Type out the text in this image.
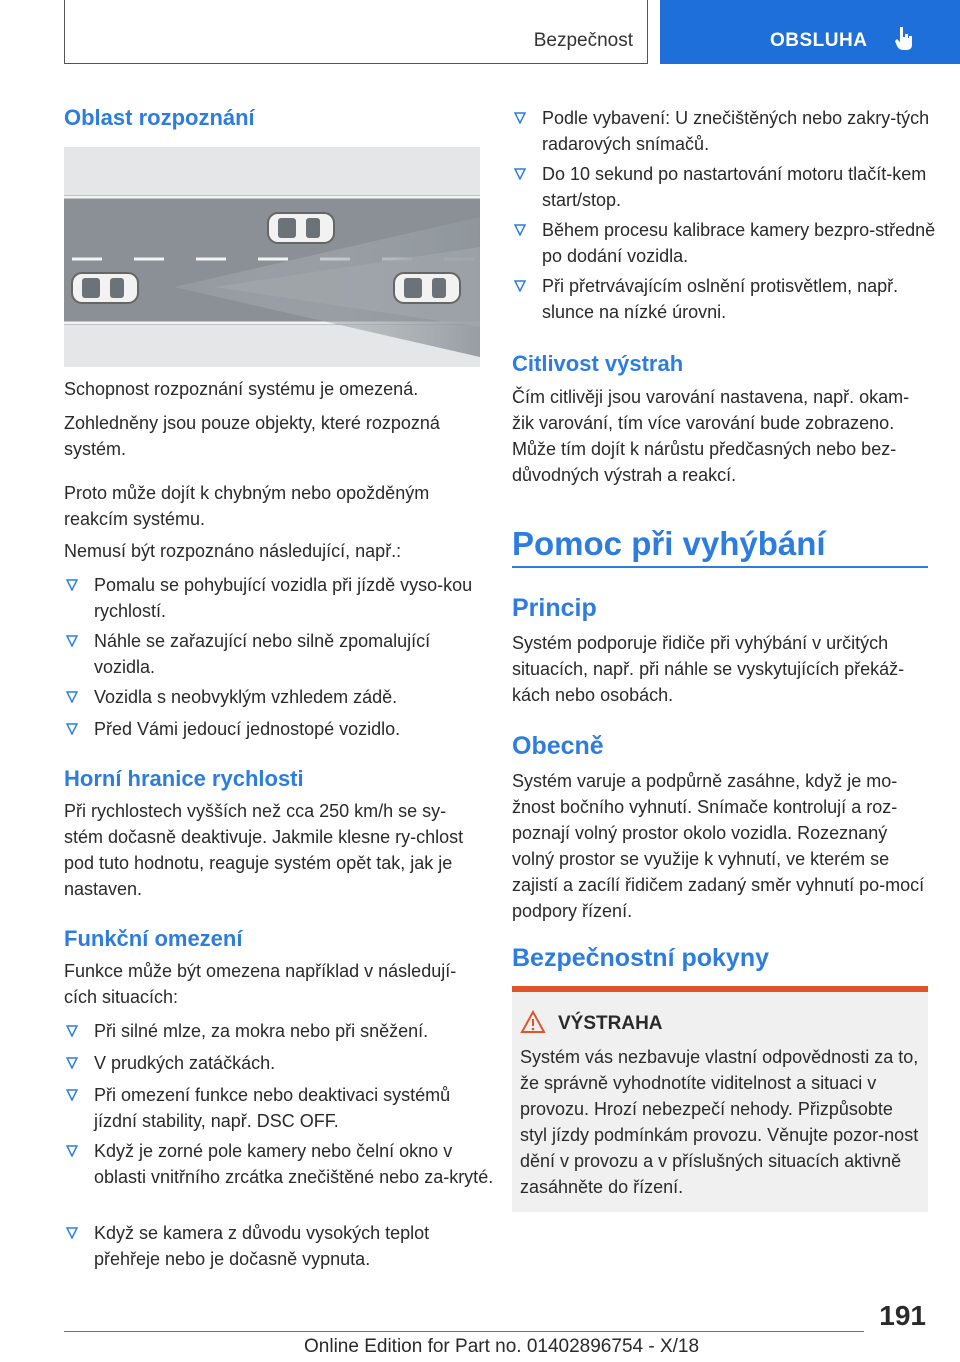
Bezpečnost	OBSLUHA
Oblast rozpoznání

Schopnost rozpoznání systému je omezená.

Zohledněny jsou pouze objekty, které rozpozná systém.

Proto může dojít k chybným nebo opožděným reakcím systému.

Nemusí být rozpoznáno následující, např.:

Pomalu se pohybující vozidla při jízdě vyso-kou rychlostí.
Náhle se zařazující nebo silně zpomalující vozidla.
Vozidla s neobvyklým vzhledem zádě.
Před Vámi jedoucí jednostopé vozidlo.
Horní hranice rychlosti

Při rychlostech vyšších než cca 250 km/h se sy-stém dočasně deaktivuje. Jakmile klesne ry-chlost pod tuto hodnotu, reaguje systém opět tak, jak je nastaven.

Funkční omezení

Funkce může být omezena například v následují-cích situacích:

Při silné mlze, za mokra nebo při sněžení.
V prudkých zatáčkách.
Při omezení funkce nebo deaktivaci systémů jízdní stability, např. DSC OFF.
Když je zorné pole kamery nebo čelní okno v oblasti vnitřního zrcátka znečištěné nebo za-kryté.
Když se kamera z důvodu vysokých teplot přehřeje nebo je dočasně vypnuta.
Podle vybavení: U znečištěných nebo zakry-tých radarových snímačů.
Do 10 sekund po nastartování motoru tlačít-kem start/stop.
Během procesu kalibrace kamery bezpro-středně po dodání vozidla.
Při přetrvávajícím oslnění protisvětlem, např. slunce na nízké úrovni.
Citlivost výstrah

Čím citlivěji jsou varování nastavena, např. okam-žik varování, tím více varování bude zobrazeno. Může tím dojít k nárůstu předčasných nebo bez-důvodných výstrah a reakcí.

Pomoc při vyhýbání
Princip

Systém podporuje řidiče při vyhýbání v určitých situacích, např. při náhle se vyskytujících překáž-kách nebo osobách.

Obecně

Systém varuje a podpůrně zasáhne, když je mo-žnost bočního vyhnutí. Snímače kontrolují a roz-poznají volný prostor okolo vozidla. Rozeznaný volný prostor se využije k vyhnutí, ve kterém se zajistí a zacílí řidičem zadaný směr vyhnutí po-mocí podpory řízení.

Bezpečnostní pokyny
VÝSTRAHA

Systém vás nezbavuje vlastní odpovědnosti za to, že správně vyhodnotíte viditelnost a situaci v provozu. Hrozí nebezpečí nehody. Přizpůsobte styl jízdy podmínkám provozu. Věnujte pozor-nost dění v provozu a v příslušných situacích aktivně zasáhněte do řízení.

191
Online Edition for Part no. 01402896754 - X/18
